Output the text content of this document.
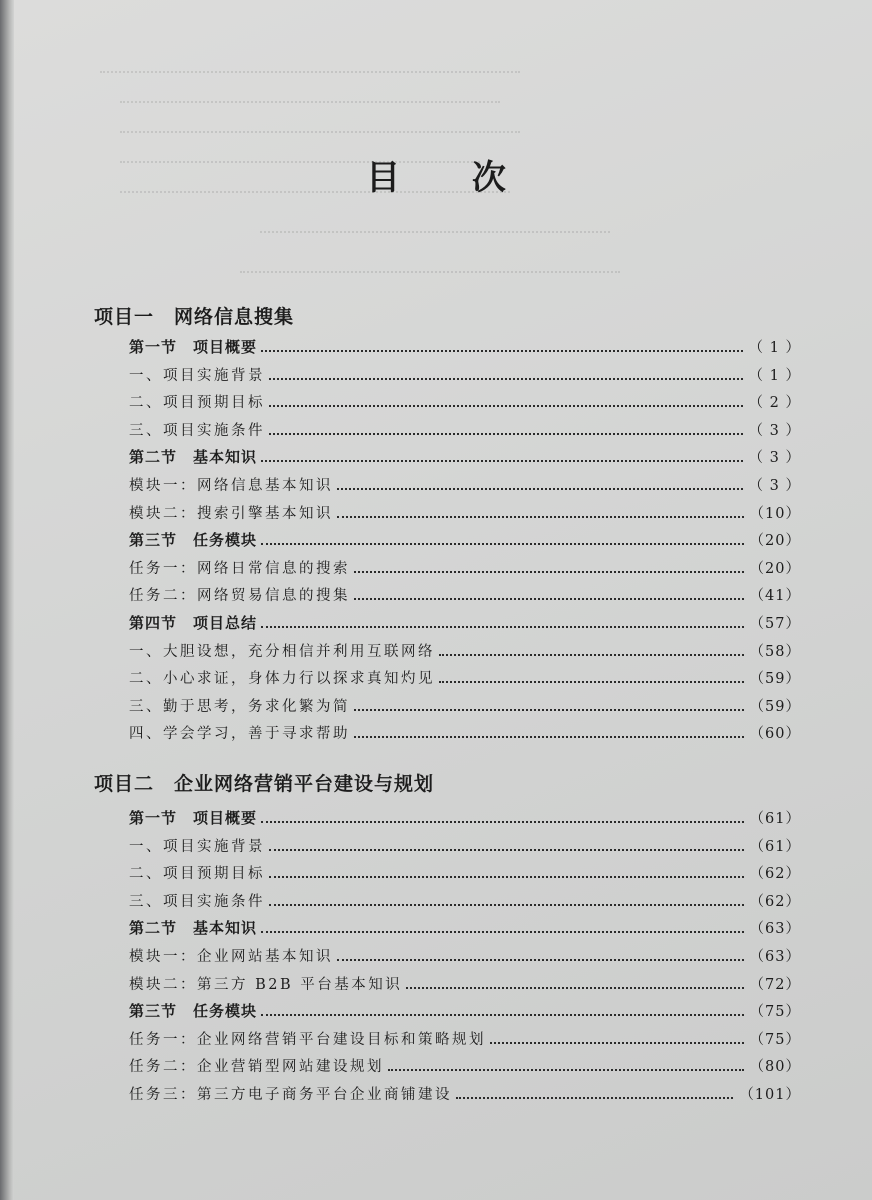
目 次
项目一　网络信息搜集
第一节　项目概要	（ 1 ）
一、项目实施背景	（ 1 ）
二、项目预期目标	（ 2 ）
三、项目实施条件	（ 3 ）
第二节　基本知识	（ 3 ）
模块一：网络信息基本知识	（ 3 ）
模块二：搜索引擎基本知识	（10）
第三节　任务模块	（20）
任务一：网络日常信息的搜索	（20）
任务二：网络贸易信息的搜集	（41）
第四节　项目总结	（57）
一、大胆设想，充分相信并利用互联网络	（58）
二、小心求证，身体力行以探求真知灼见	（59）
三、勤于思考，务求化繁为简	（59）
四、学会学习，善于寻求帮助	（60）
项目二　企业网络营销平台建设与规划
第一节　项目概要	（61）
一、项目实施背景	（61）
二、项目预期目标	（62）
三、项目实施条件	（62）
第二节　基本知识	（63）
模块一：企业网站基本知识	（63）
模块二：第三方 B2B 平台基本知识	（72）
第三节　任务模块	（75）
任务一：企业网络营销平台建设目标和策略规划	（75）
任务二：企业营销型网站建设规划	（80）
任务三：第三方电子商务平台企业商铺建设	（101）
